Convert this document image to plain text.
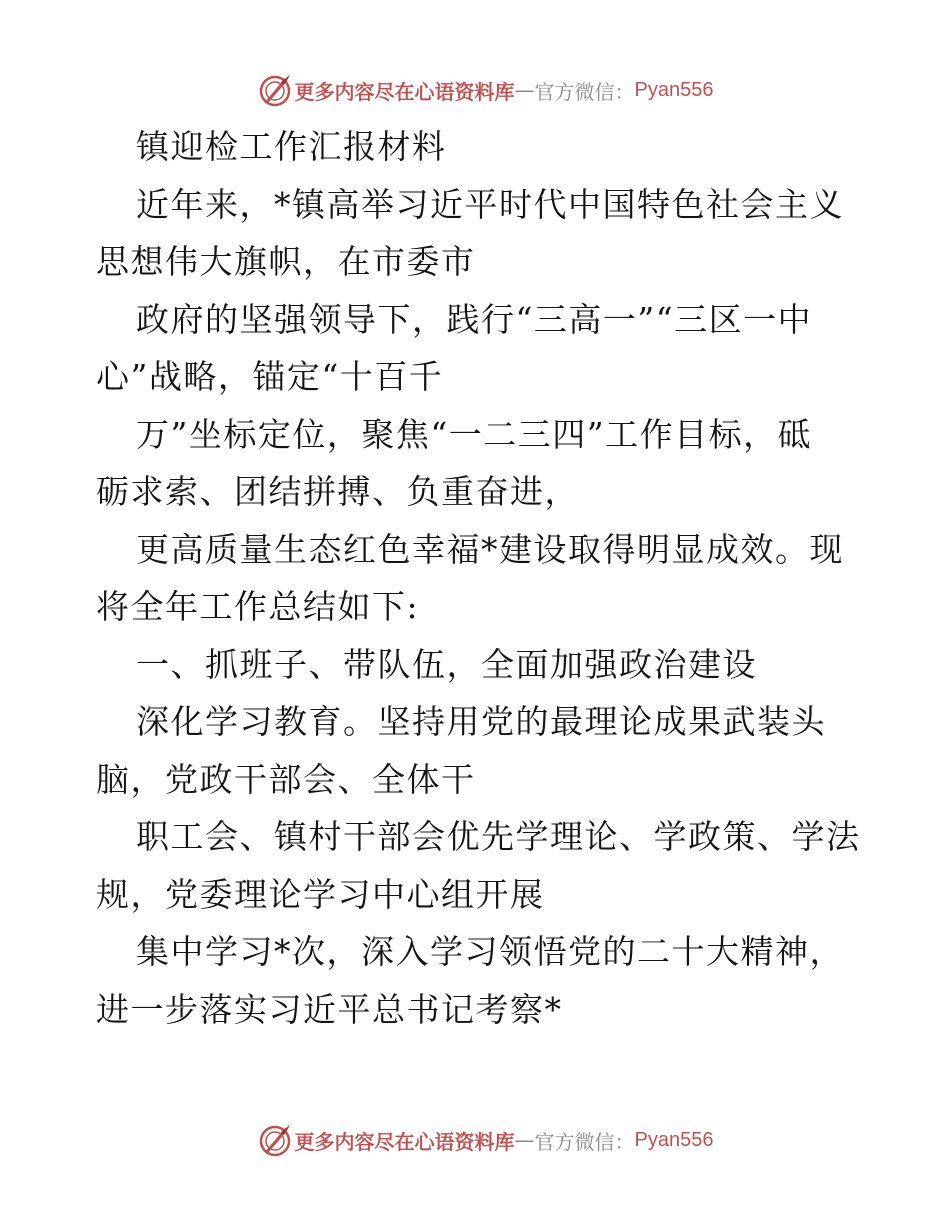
更多内容尽在心语资料库 — 官方微信： Pyan556
镇迎检工作汇报材料
近年来，*镇高举习近平时代中国特色社会主义
思想伟大旗帜，在市委市
政府的坚强领导下，践行“三高一”“三区一中
心”战略，锚定“十百千
万”坐标定位，聚焦“一二三四”工作目标，砥
砺求索、团结拼搏、负重奋进，
更高质量生态红色幸福*建设取得明显成效。现
将全年工作总结如下:
一、抓班子、带队伍，全面加强政治建设
深化学习教育。坚持用党的最理论成果武装头
脑，党政干部会、全体干
职工会、镇村干部会优先学理论、学政策、学法
规，党委理论学习中心组开展
集中学习*次，深入学习领悟党的二十大精神，
进一步落实习近平总书记考察*
更多内容尽在心语资料库 — 官方微信： Pyan556
